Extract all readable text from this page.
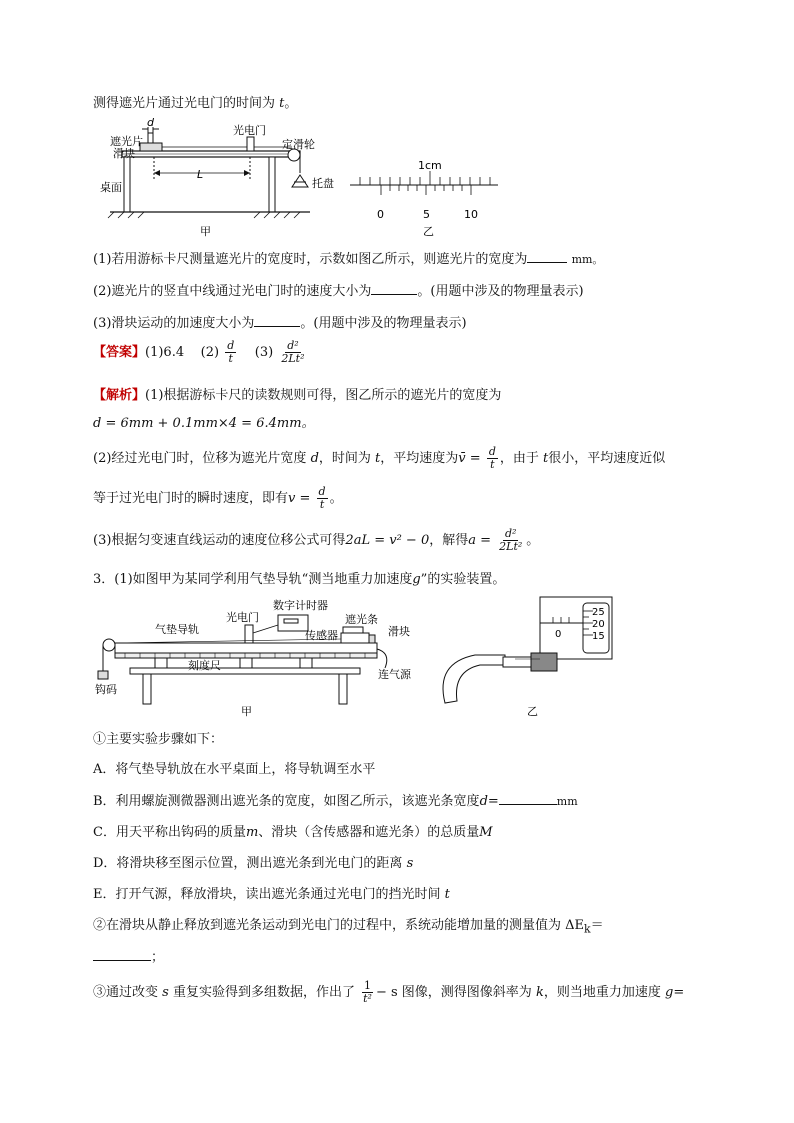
测得遮光片通过光电门的时间为 t。
d
遮光片
滑块
光电门
定滑轮
桌面
L
托盘
甲
1cm
0	5	10
乙
(1)若用游标卡尺测量遮光片的宽度时，示数如图乙所示，则遮光片的宽度为	mm。
(2)遮光片的竖直中线通过光电门时的速度大小为	。(用题中涉及的物理量表示)
(3)滑块运动的加速度大小为	。(用题中涉及的物理量表示)
【答案】(1)6.4 $(2) \frac{d}{t} (3) \frac{\text{d²}}{\text{2Lt²}}$
【解析】(1)根据游标卡尺的读数规则可得，图乙所示的遮光片的宽度为
d = 6mm + 0.1mm×4 = 6.4mm。
(2)经过光电门时，位移为遮光片宽度 d，时间为 t，平均速度为v̄ = $\frac{d}{t}$ ，由于 t很小，平均速度近似
等于过光电门时的瞬时速度，即有$v = \frac{d}{t}$ 。
(3)根据匀变速直线运动的速度位移公式可得2aL = v² − 0，解得$a = \frac{\text{d²}}{\text{2Lt²}}$ 。
3．(1)如图甲为某同学利用气垫导轨“测当地重力加速度g”的实验装置。
光电门
数字计时器
气垫导轨	传感器
遮光条
滑块
刻度尺
钩码
连气源
甲
25
20
15
0
乙
①主要实验步骤如下：
A．将气垫导轨放在水平桌面上，将导轨调至水平
B．利用螺旋测微器测出遮光条的宽度，如图乙所示，该遮光条宽度d=	mm
C．用天平称出钩码的质量m、滑块（含传感器和遮光条）的总质量M
D．将滑块移至图示位置，测出遮光条到光电门的距离 s
E．打开气源，释放滑块，读出遮光条通过光电门的挡光时间 t
②在滑块从静止释放到遮光条运动到光电门的过程中，系统动能增加量的测量值为 $\Delta E_k=$
；
③通过改变 s 重复实验得到多组数据，作出了 $\frac{1}{\text{t²}} - s$ 图像，测得图像斜率为 k，则当地重力加速度 g=
